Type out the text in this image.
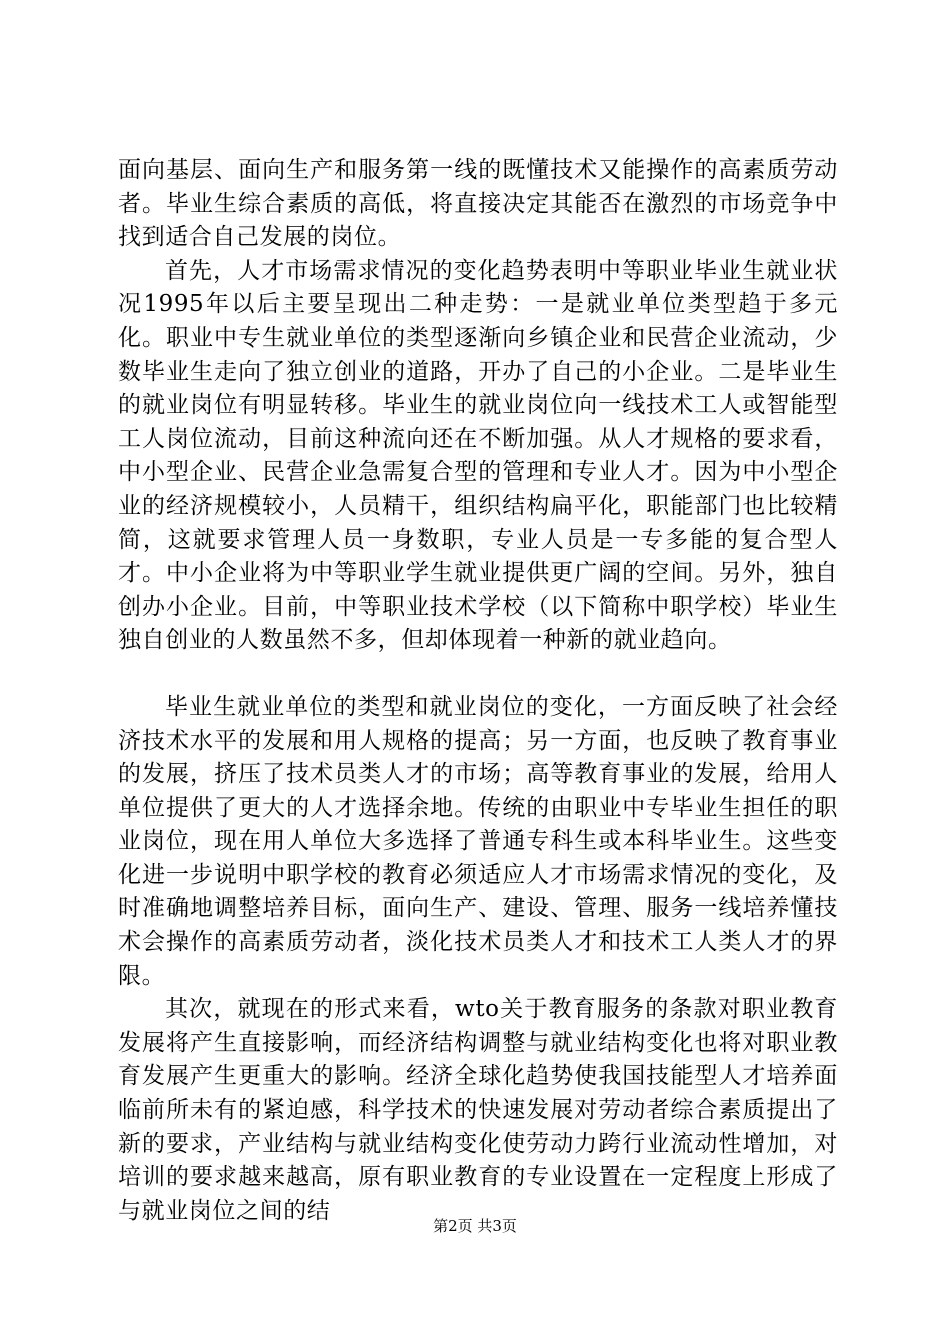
面向基层、面向生产和服务第一线的既懂技术又能操作的高素质劳动者。毕业生综合素质的高低，将直接决定其能否在激烈的市场竞争中找到适合自己发展的岗位。

首先，人才市场需求情况的变化趋势表明中等职业毕业生就业状况1995年以后主要呈现出二种走势：一是就业单位类型趋于多元化。职业中专生就业单位的类型逐渐向乡镇企业和民营企业流动，少数毕业生走向了独立创业的道路，开办了自己的小企业。二是毕业生的就业岗位有明显转移。毕业生的就业岗位向一线技术工人或智能型工人岗位流动，目前这种流向还在不断加强。从人才规格的要求看，中小型企业、民营企业急需复合型的管理和专业人才。因为中小型企业的经济规模较小，人员精干，组织结构扁平化，职能部门也比较精简，这就要求管理人员一身数职，专业人员是一专多能的复合型人才。中小企业将为中等职业学生就业提供更广阔的空间。另外，独自创办小企业。目前，中等职业技术学校（以下简称中职学校）毕业生独自创业的人数虽然不多，但却体现着一种新的就业趋向。

毕业生就业单位的类型和就业岗位的变化，一方面反映了社会经济技术水平的发展和用人规格的提高；另一方面，也反映了教育事业的发展，挤压了技术员类人才的市场；高等教育事业的发展，给用人单位提供了更大的人才选择余地。传统的由职业中专毕业生担任的职业岗位，现在用人单位大多选择了普通专科生或本科毕业生。这些变化进一步说明中职学校的教育必须适应人才市场需求情况的变化，及时准确地调整培养目标，面向生产、建设、管理、服务一线培养懂技术会操作的高素质劳动者，淡化技术员类人才和技术工人类人才的界限。

其次，就现在的形式来看，wto关于教育服务的条款对职业教育发展将产生直接影响，而经济结构调整与就业结构变化也将对职业教育发展产生更重大的影响。经济全球化趋势使我国技能型人才培养面临前所未有的紧迫感，科学技术的快速发展对劳动者综合素质提出了新的要求，产业结构与就业结构变化使劳动力跨行业流动性增加，对培训的要求越来越高，原有职业教育的专业设置在一定程度上形成了与就业岗位之间的结

第2页 共3页
